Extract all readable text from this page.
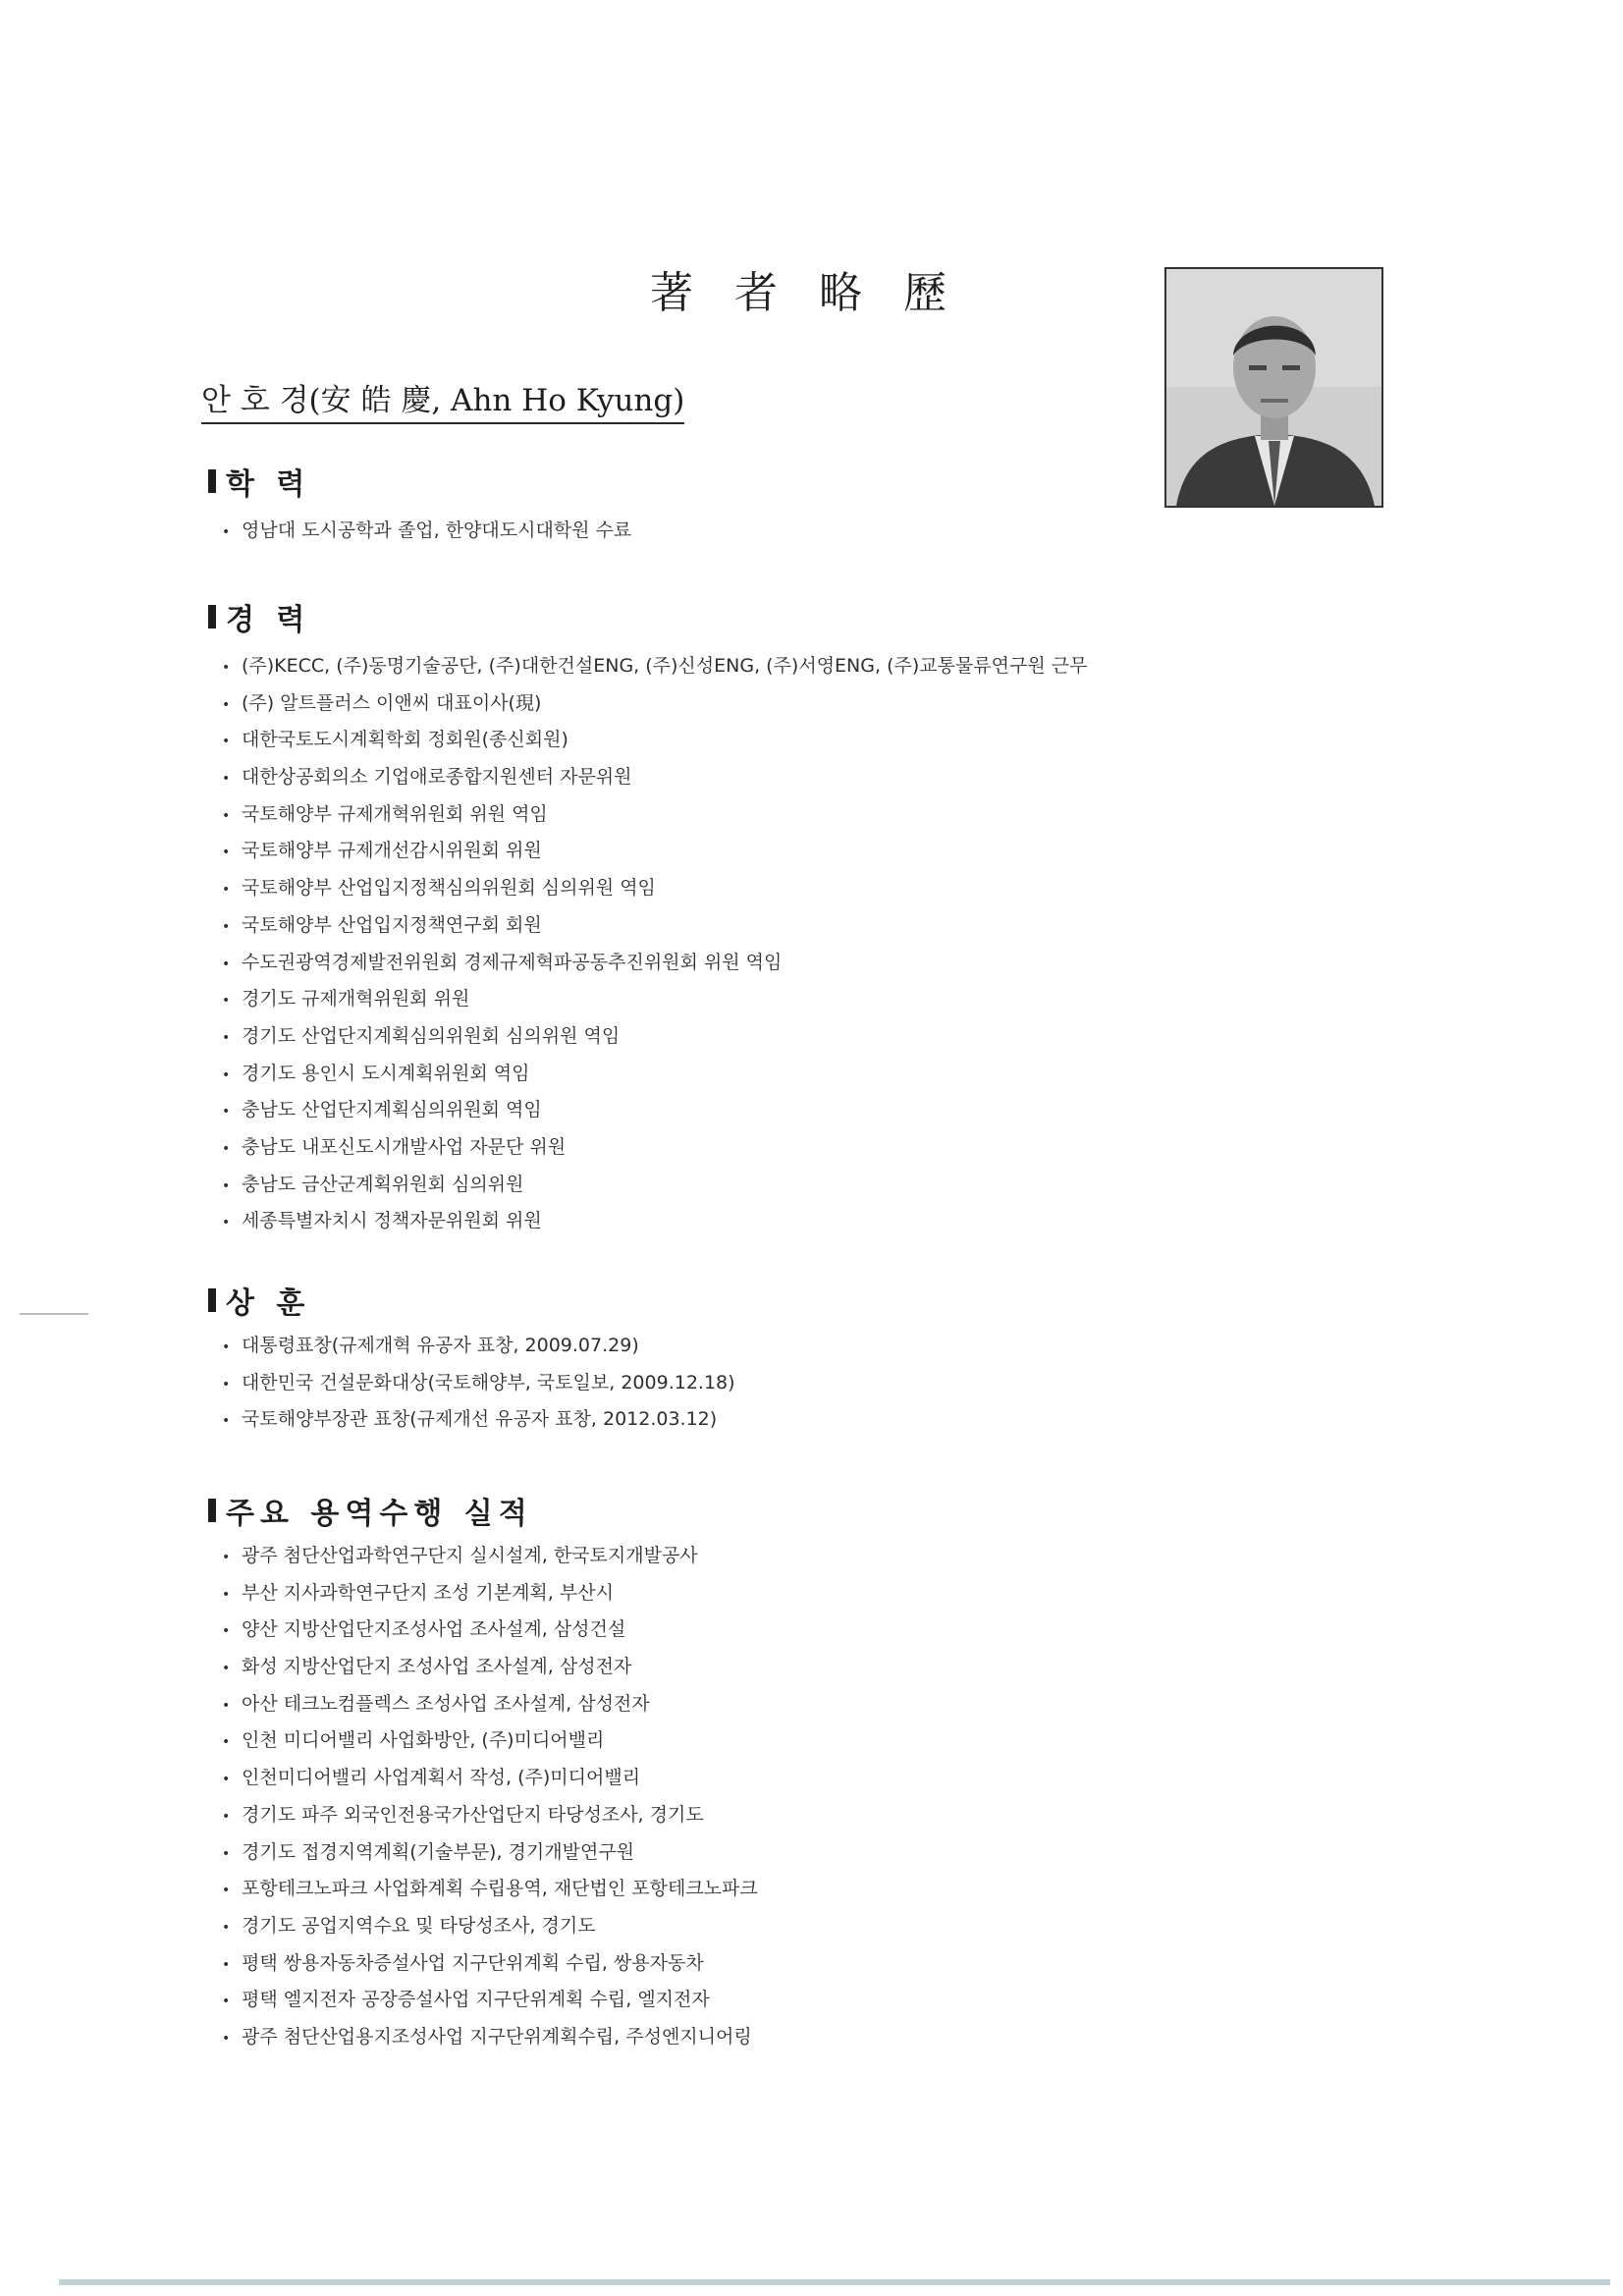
著 者 略 歷
안 호 경(安 皓 慶, Ahn Ho Kyung)
학 력
• 영남대 도시공학과 졸업, 한양대도시대학원 수료
경 력
• (주)KECC, (주)동명기술공단, (주)대한건설ENG, (주)신성ENG, (주)서영ENG, (주)교통물류연구원 근무
• (주) 알트플러스 이앤씨 대표이사(現)
• 대한국토도시계획학회 정회원(종신회원)
• 대한상공회의소 기업애로종합지원센터 자문위원
• 국토해양부 규제개혁위원회 위원 역임
• 국토해양부 규제개선감시위원회 위원
• 국토해양부 산업입지정책심의위원회 심의위원 역임
• 국토해양부 산업입지정책연구회 회원
• 수도권광역경제발전위원회 경제규제혁파공동추진위원회 위원 역임
• 경기도 규제개혁위원회 위원
• 경기도 산업단지계획심의위원회 심의위원 역임
• 경기도 용인시 도시계획위원회 역임
• 충남도 산업단지계획심의위원회 역임
• 충남도 내포신도시개발사업 자문단 위원
• 충남도 금산군계획위원회 심의위원
• 세종특별자치시 정책자문위원회 위원
상 훈
• 대통령표창(규제개혁 유공자 표창, 2009.07.29)
• 대한민국 건설문화대상(국토해양부, 국토일보, 2009.12.18)
• 국토해양부장관 표창(규제개선 유공자 표창, 2012.03.12)
주요 용역수행 실적
• 광주 첨단산업과학연구단지 실시설계, 한국토지개발공사
• 부산 지사과학연구단지 조성 기본계획, 부산시
• 양산 지방산업단지조성사업 조사설계, 삼성건설
• 화성 지방산업단지 조성사업 조사설계, 삼성전자
• 아산 테크노컴플렉스 조성사업 조사설계, 삼성전자
• 인천 미디어밸리 사업화방안, (주)미디어밸리
• 인천미디어밸리 사업계획서 작성, (주)미디어밸리
• 경기도 파주 외국인전용국가산업단지 타당성조사, 경기도
• 경기도 접경지역계획(기술부문), 경기개발연구원
• 포항테크노파크 사업화계획 수립용역, 재단법인 포항테크노파크
• 경기도 공업지역수요 및 타당성조사, 경기도
• 평택 쌍용자동차증설사업 지구단위계획 수립, 쌍용자동차
• 평택 엘지전자 공장증설사업 지구단위계획 수립, 엘지전자
• 광주 첨단산업용지조성사업 지구단위계획수립, 주성엔지니어링
